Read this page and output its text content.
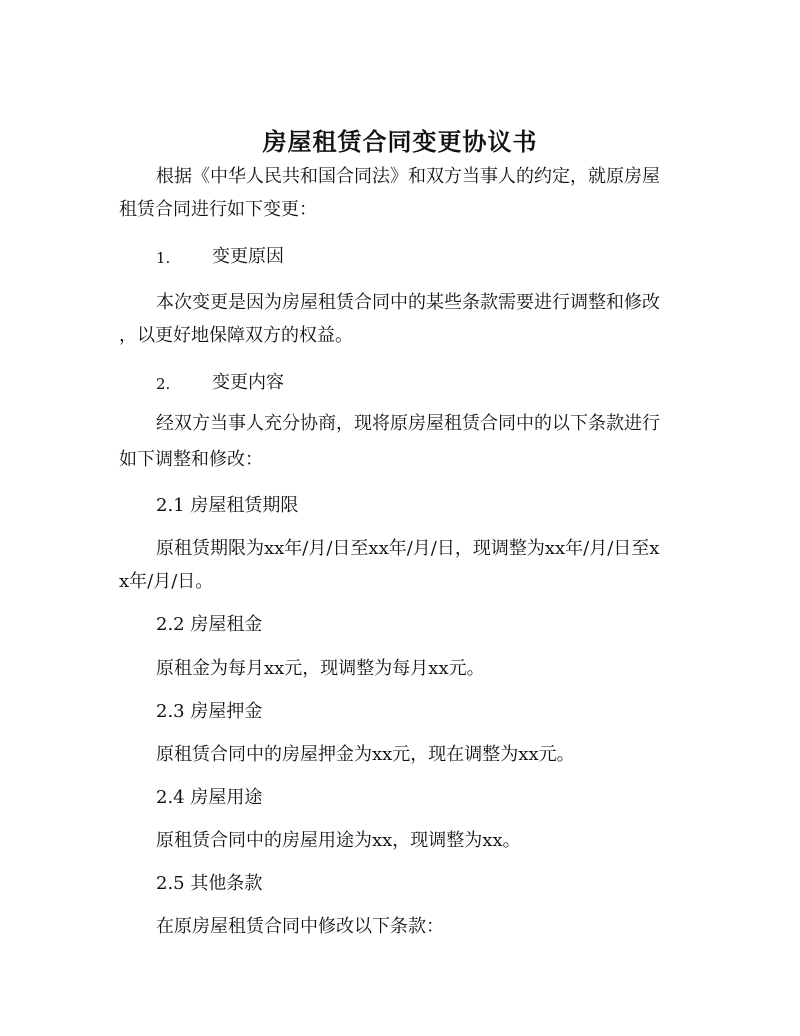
房屋租赁合同变更协议书
根据《中华人民共和国合同法》和双方当事人的约定，就原房屋
租赁合同进行如下变更：
1. 变更原因
本次变更是因为房屋租赁合同中的某些条款需要进行调整和修改
，以更好地保障双方的权益。
2. 变更内容
经双方当事人充分协商，现将原房屋租赁合同中的以下条款进行
如下调整和修改：
2.1 房屋租赁期限
原租赁期限为xx年/月/日至xx年/月/日，现调整为xx年/月/日至x
x年/月/日。
2.2 房屋租金
原租金为每月xx元，现调整为每月xx元。
2.3 房屋押金
原租赁合同中的房屋押金为xx元，现在调整为xx元。
2.4 房屋用途
原租赁合同中的房屋用途为xx，现调整为xx。
2.5 其他条款
在原房屋租赁合同中修改以下条款：
